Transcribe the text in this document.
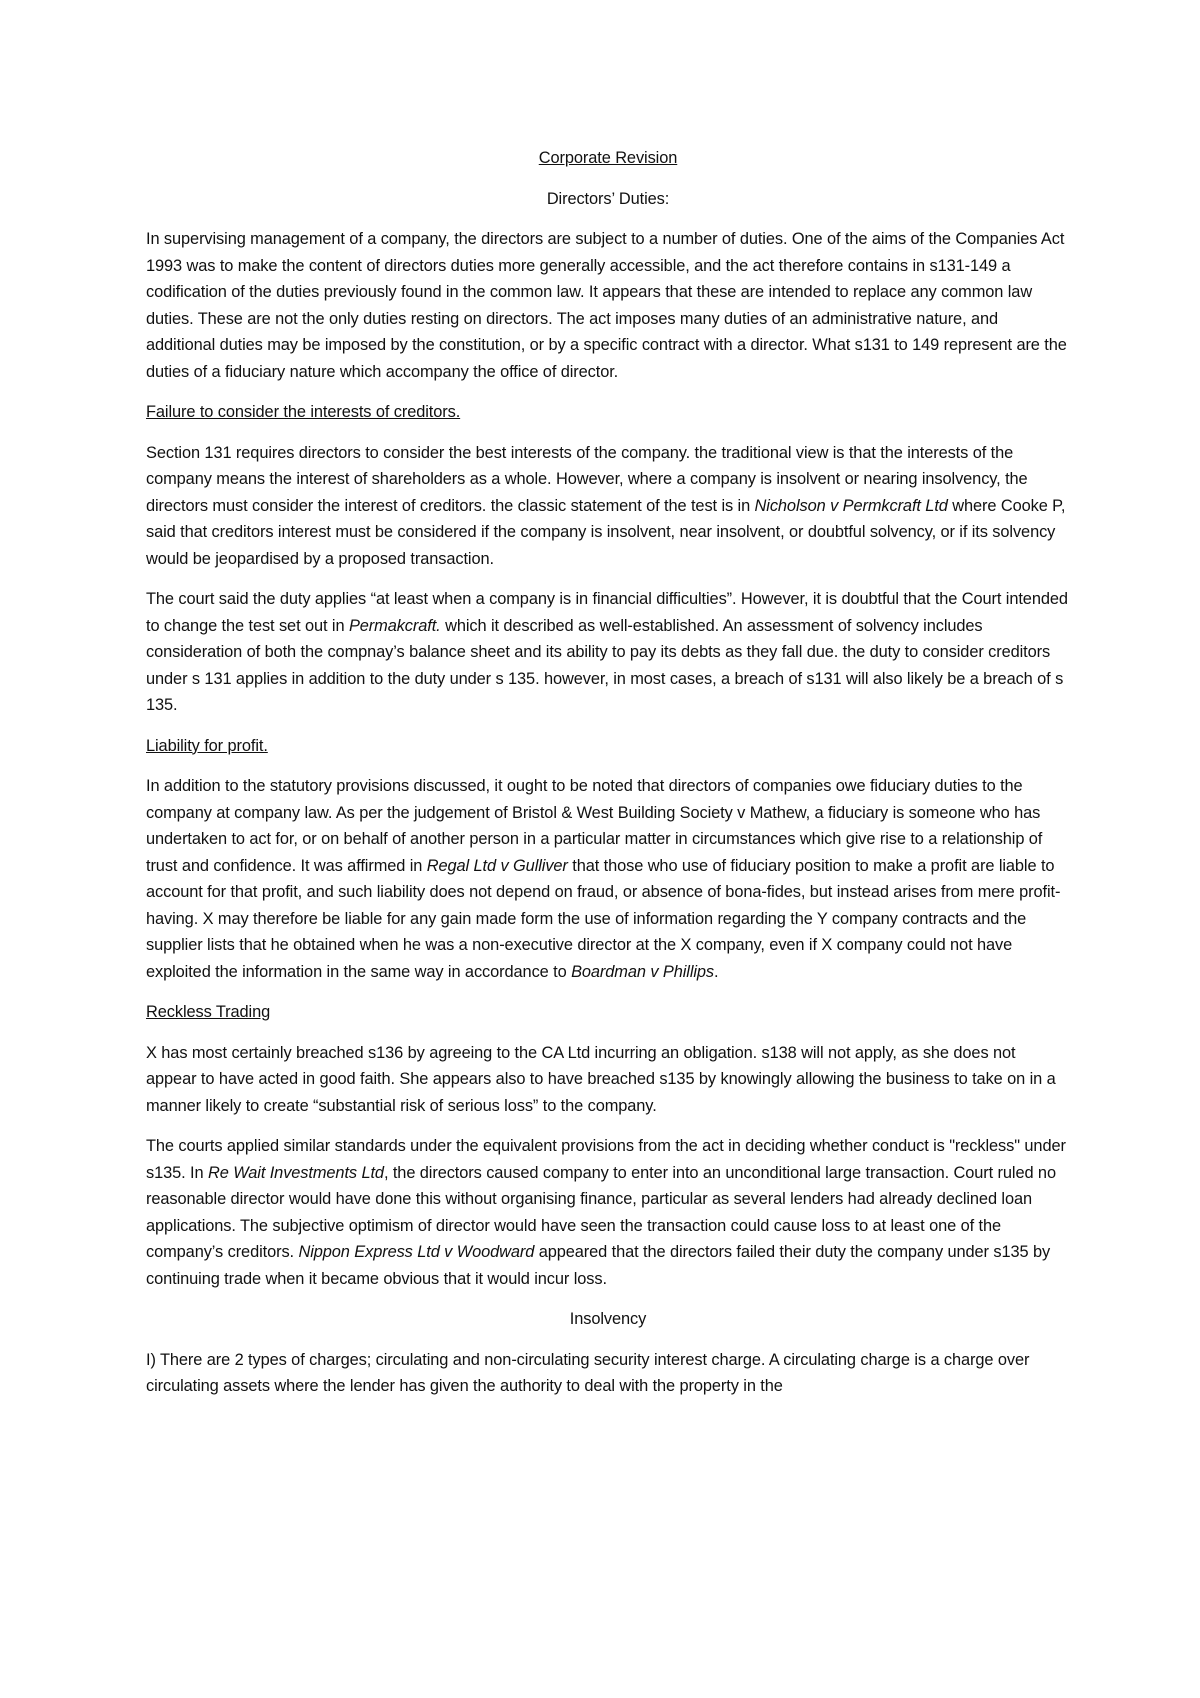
Corporate Revision

Directors’ Duties:

In supervising management of a company, the directors are subject to a number of duties. One of the aims of the Companies Act 1993 was to make the content of directors duties more generally accessible, and the act therefore contains in s131-149 a codification of the duties previously found in the common law. It appears that these are intended to replace any common law duties. These are not the only duties resting on directors. The act imposes many duties of an administrative nature, and additional duties may be imposed by the constitution, or by a specific contract with a director. What s131 to 149 represent are the duties of a fiduciary nature which accompany the office of director.

Failure to consider the interests of creditors.

Section 131 requires directors to consider the best interests of the company. the traditional view is that the interests of the company means the interest of shareholders as a whole. However, where a company is insolvent or nearing insolvency, the directors must consider the interest of creditors. the classic statement of the test is in Nicholson v Permkcraft Ltd where Cooke P, said that creditors interest must be considered if the company is insolvent, near insolvent, or doubtful solvency, or if its solvency would be jeopardised by a proposed transaction.

The court said the duty applies “at least when a company is in financial difficulties”. However, it is doubtful that the Court intended to change the test set out in Permakcraft. which it described as well-established. An assessment of solvency includes consideration of both the compnay’s balance sheet and its ability to pay its debts as they fall due. the duty to consider creditors under s 131 applies in addition to the duty under s 135. however, in most cases, a breach of s131 will also likely be a breach of s 135.

Liability for profit.

In addition to the statutory provisions discussed, it ought to be noted that directors of companies owe fiduciary duties to the company at company law. As per the judgement of Bristol & West Building Society v Mathew, a fiduciary is someone who has undertaken to act for, or on behalf of another person in a particular matter in circumstances which give rise to a relationship of trust and confidence. It was affirmed in Regal Ltd v Gulliver that those who use of fiduciary position to make a profit are liable to account for that profit, and such liability does not depend on fraud, or absence of bona-fides, but instead arises from mere profit-having. X may therefore be liable for any gain made form the use of information regarding the Y company contracts and the supplier lists that he obtained when he was a non-executive director at the X company, even if X company could not have exploited the information in the same way in accordance to Boardman v Phillips.

Reckless Trading

X has most certainly breached s136 by agreeing to the CA Ltd incurring an obligation. s138 will not apply, as she does not appear to have acted in good faith. She appears also to have breached s135 by knowingly allowing the business to take on in a manner likely to create “substantial risk of serious loss” to the company.

The courts applied similar standards under the equivalent provisions from the act in deciding whether conduct is "reckless" under s135. In Re Wait Investments Ltd, the directors caused company to enter into an unconditional large transaction. Court ruled no reasonable director would have done this without organising finance, particular as several lenders had already declined loan applications. The subjective optimism of director would have seen the transaction could cause loss to at least one of the company’s creditors. Nippon Express Ltd v Woodward appeared that the directors failed their duty the company under s135 by continuing trade when it became obvious that it would incur loss.

Insolvency

I) There are 2 types of charges; circulating and non-circulating security interest charge. A circulating charge is a charge over circulating assets where the lender has given the authority to deal with the property in the
